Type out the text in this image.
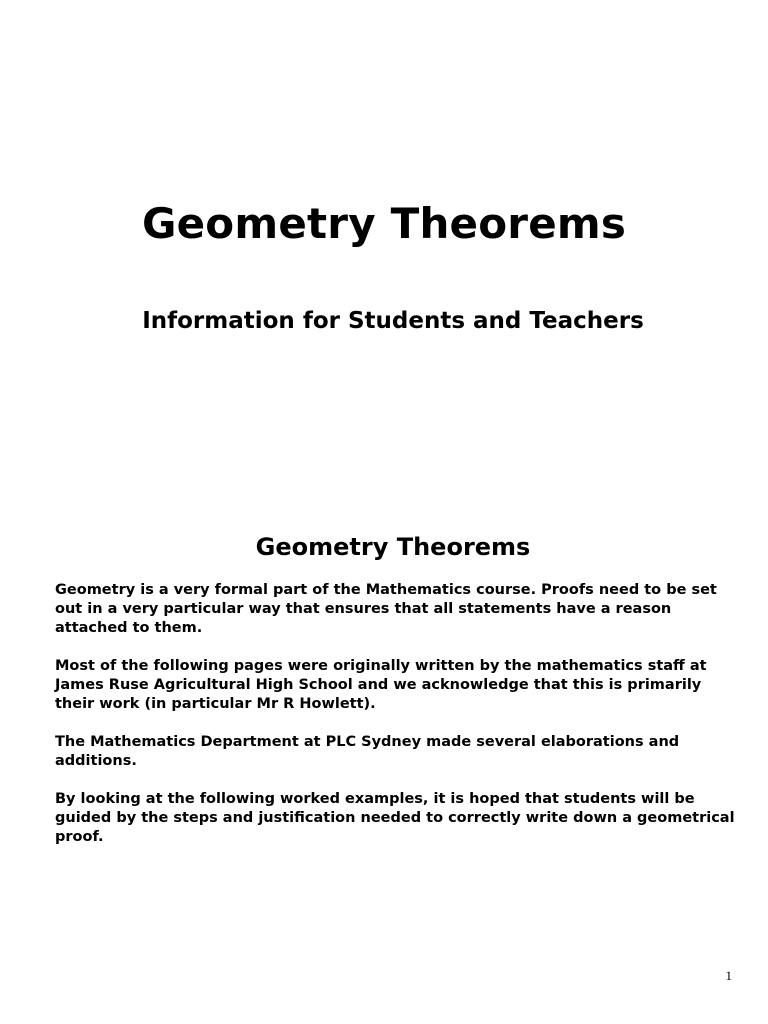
Geometry Theorems
Information for Students and Teachers
Geometry Theorems

Geometry is a very formal part of the Mathematics course. Proofs need to be set out in a very particular way that ensures that all statements have a reason attached to them.

Most of the following pages were originally written by the mathematics staff at James Ruse Agricultural High School and we acknowledge that this is primarily their work (in particular Mr R Howlett).

The Mathematics Department at PLC Sydney made several elaborations and additions.

By looking at the following worked examples, it is hoped that students will be guided by the steps and justification needed to correctly write down a geometrical proof.

1
